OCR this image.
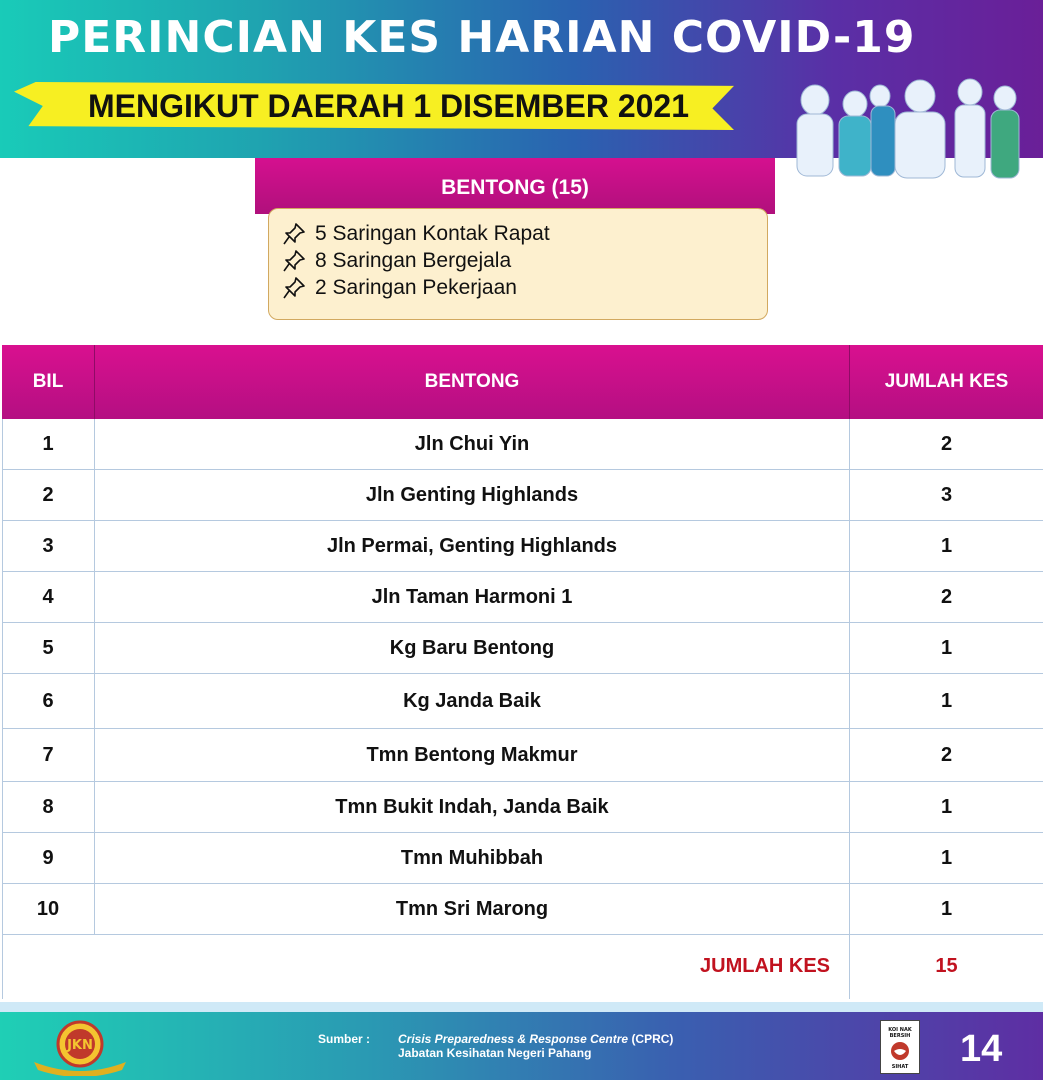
PERINCIAN KES HARIAN COVID-19
MENGIKUT DAERAH 1 DISEMBER 2021
BENTONG (15)
5 Saringan Kontak Rapat
8 Saringan Bergejala
2 Saringan Pekerjaan
BIL	BENTONG	JUMLAH KES
1	Jln Chui Yin	2
2	Jln Genting Highlands	3
3	Jln Permai, Genting Highlands	1
4	Jln Taman Harmoni 1	2
5	Kg Baru Bentong	1
6	Kg Janda Baik	1
7	Tmn Bentong Makmur	2
8	Tmn Bukit Indah, Janda Baik	1
9	Tmn Muhibbah	1
10	Tmn Sri Marong	1
JUMLAH KES	15
JKN	Sumber : Crisis Preparedness & Response Centre (CPRC)
Jabatan Kesihatan Negeri Pahang
KOI NAK
BERSIH
SIHAT 14
